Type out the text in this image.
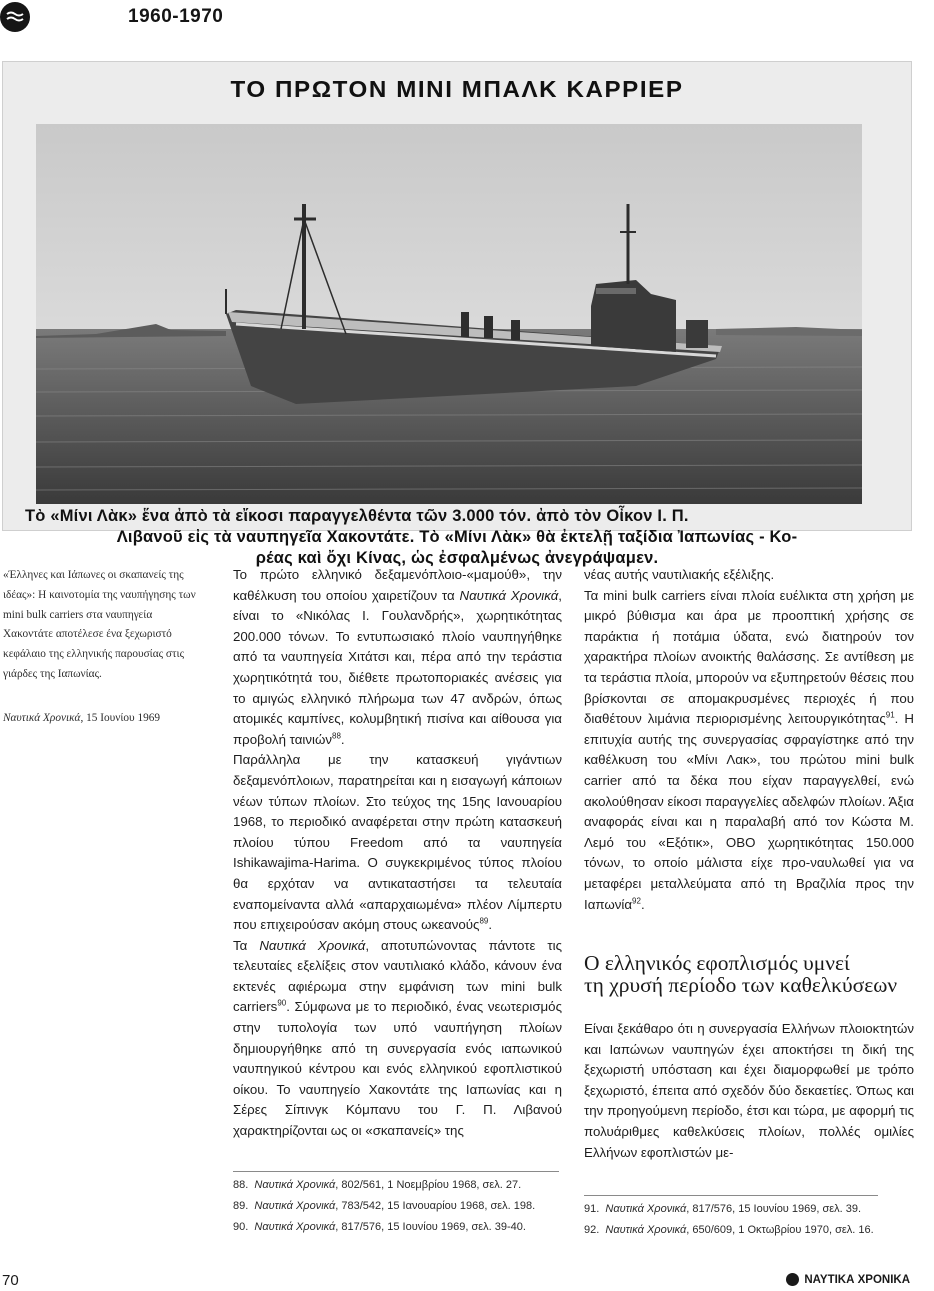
1960-1970
ΤΟ ΠΡΩΤΟΝ ΜΙΝΙ ΜΠΑΛΚ ΚΑΡΡΙΕΡ
Τὸ «Μίνι Λὰκ» ἕνα ἀπὸ τὰ εἴκοσι παραγγελθέντα τῶν 3.000 τόν. ἀπὸ τὸν Οἶκον Ι. Π.
Λιβανοῦ εἰς τὰ ναυπηγεῖα Χακοντάτε. Τὸ «Μίνι Λὰκ» θὰ ἐκτελῇ ταξίδια Ἰαπωνίας - Κο-
ρέας καὶ ὄχι Κίνας, ὡς ἐσφαλμένως ἀνεγράψαμεν.
«Έλληνες και Ιάπωνες οι σκαπανείς της ιδέας»: Η καινοτομία της ναυπήγησης των mini bulk carriers στα ναυπηγεία Χακοντάτε αποτέλεσε ένα ξεχωριστό κεφάλαιο της ελληνικής παρουσίας στις γιάρδες της Ιαπωνίας.
Ναυτικά Χρονικά, 15 Ιουνίου 1969

Το πρώτο ελληνικό δεξαμενόπλοιο-«μαμούθ», την καθέλκυση του οποίου χαιρετίζουν τα Ναυτικά Χρονικά, είναι το «Νικόλας Ι. Γουλανδρής», χωρητικότητας 200.000 τόνων. Το εντυπωσιακό πλοίο ναυπηγήθηκε από τα ναυπηγεία Χιτάτσι και, πέρα από την τεράστια χωρητικότητά του, διέθετε πρωτοποριακές ανέσεις για το αμιγώς ελληνικό πλήρωμα των 47 ανδρών, όπως ατομικές καμπίνες, κολυμβητική πισίνα και αίθουσα για προβολή ταινιών$^{88}$.

Παράλληλα με την κατασκευή γιγάντιων δεξαμενόπλοιων, παρατηρείται και η εισαγωγή κάποιων νέων τύπων πλοίων. Στο τεύχος της 15ης Ιανουαρίου 1968, το περιοδικό αναφέρεται στην πρώτη κατασκευή πλοίου τύπου Freedom από τα ναυπηγεία Ishikawajima-Harima. Ο συγκεκριμένος τύπος πλοίου θα ερχόταν να αντικαταστήσει τα τελευταία εναπομείναντα αλλά «απαρχαιωμένα» πλέον Λίμπερτυ που επιχειρούσαν ακόμη στους ωκεανούς$^{89}$.

Τα Ναυτικά Χρονικά, αποτυπώνοντας πάντοτε τις τελευταίες εξελίξεις στον ναυτιλιακό κλάδο, κάνουν ένα εκτενές αφιέρωμα στην εμφάνιση των mini bulk carriers$^{90}$. Σύμφωνα με το περιοδικό, ένας νεωτερισμός στην τυπολογία των υπό ναυπήγηση πλοίων δημιουργήθηκε από τη συνεργασία ενός ιαπωνικού ναυπηγικού κέντρου και ενός ελληνικού εφοπλιστικού οίκου. Το ναυπηγείο Χακοντάτε της Ιαπωνίας και η Σέρες Σίπινγκ Κόμπανυ του Γ. Π. Λιβανού χαρακτηρίζονται ως οι «σκαπανείς» της

νέας αυτής ναυτιλιακής εξέλιξης.

Τα mini bulk carriers είναι πλοία ευέλικτα στη χρήση με μικρό βύθισμα και άρα με προοπτική χρήσης σε παράκτια ή ποτάμια ύδατα, ενώ διατηρούν τον χαρακτήρα πλοίων ανοικτής θαλάσσης. Σε αντίθεση με τα τεράστια πλοία, μπορούν να εξυπηρετούν θέσεις που βρίσκονται σε απομακρυσμένες περιοχές ή που διαθέτουν λιμάνια περιορισμένης λειτουργικότητας$^{91}$. Η επιτυχία αυτής της συνεργασίας σφραγίστηκε από την καθέλκυση του «Μίνι Λακ», του πρώτου mini bulk carrier από τα δέκα που είχαν παραγγελθεί, ενώ ακολούθησαν είκοσι παραγγελίες αδελφών πλοίων. Άξια αναφοράς είναι και η παραλαβή από τον Κώστα Μ. Λεμό του «Εξότικ», OBO χωρητικότητας 150.000 τόνων, το οποίο μάλιστα είχε προ-ναυλωθεί για να μεταφέρει μεταλλεύματα από τη Βραζιλία προς την Ιαπωνία$^{92}$.

Ο ελληνικός εφοπλισμός υμνεί
τη χρυσή περίοδο των καθελκύσεων

Είναι ξεκάθαρο ότι η συνεργασία Ελλήνων πλοιοκτητών και Ιαπώνων ναυπηγών έχει αποκτήσει τη δική της ξεχωριστή υπόσταση και έχει διαμορφωθεί με τρόπο ξεχωριστό, έπειτα από σχεδόν δύο δεκαετίες. Όπως και την προηγούμενη περίοδο, έτσι και τώρα, με αφορμή τις πολυάριθμες καθελκύσεις πλοίων, πολλές ομιλίες Ελλήνων εφοπλιστών με-

88. Ναυτικά Χρονικά, 802/561, 1 Νοεμβρίου 1968, σελ. 27.
89. Ναυτικά Χρονικά, 783/542, 15 Ιανουαρίου 1968, σελ. 198.
90. Ναυτικά Χρονικά, 817/576, 15 Ιουνίου 1969, σελ. 39-40.
91. Ναυτικά Χρονικά, 817/576, 15 Ιουνίου 1969, σελ. 39.
92. Ναυτικά Χρονικά, 650/609, 1 Οκτωβρίου 1970, σελ. 16.
70	ΝΑΥΤΙΚΑ ΧΡΟΝΙΚΑ
